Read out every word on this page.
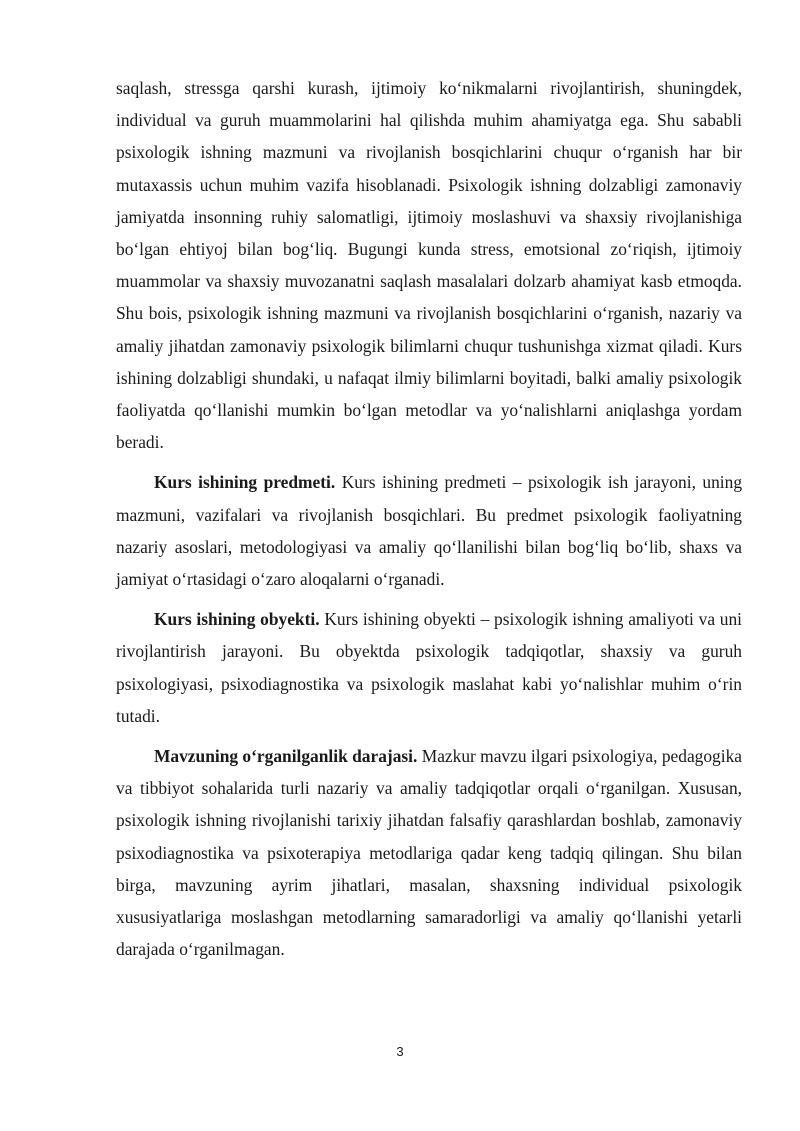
saqlash, stressga qarshi kurash, ijtimoiy ko‘nikmalarni rivojlantirish, shuningdek, individual va guruh muammolarini hal qilishda muhim ahamiyatga ega. Shu sababli psixologik ishning mazmuni va rivojlanish bosqichlarini chuqur o‘rganish har bir mutaxassis uchun muhim vazifa hisoblanadi. Psixologik ishning dolzabligi zamonaviy jamiyatda insonning ruhiy salomatligi, ijtimoiy moslashuvi va shaxsiy rivojlanishiga bo‘lgan ehtiyoj bilan bog‘liq. Bugungi kunda stress, emotsional zo‘riqish, ijtimoiy muammolar va shaxsiy muvozanatni saqlash masalalari dolzarb ahamiyat kasb etmoqda. Shu bois, psixologik ishning mazmuni va rivojlanish bosqichlarini o‘rganish, nazariy va amaliy jihatdan zamonaviy psixologik bilimlarni chuqur tushunishga xizmat qiladi. Kurs ishining dolzabligi shundaki, u nafaqat ilmiy bilimlarni boyitadi, balki amaliy psixologik faoliyatda qo‘llanishi mumkin bo‘lgan metodlar va yo‘nalishlarni aniqlashga yordam beradi.

Kurs ishining predmeti. Kurs ishining predmeti – psixologik ish jarayoni, uning mazmuni, vazifalari va rivojlanish bosqichlari. Bu predmet psixologik faoliyatning nazariy asoslari, metodologiyasi va amaliy qo‘llanilishi bilan bog‘liq bo‘lib, shaxs va jamiyat o‘rtasidagi o‘zaro aloqalarni o‘rganadi.

Kurs ishining obyekti. Kurs ishining obyekti – psixologik ishning amaliyoti va uni rivojlantirish jarayoni. Bu obyektda psixologik tadqiqotlar, shaxsiy va guruh psixologiyasi, psixodiagnostika va psixologik maslahat kabi yo‘nalishlar muhim o‘rin tutadi.

Mavzuning o‘rganilganlik darajasi. Mazkur mavzu ilgari psixologiya, pedagogika va tibbiyot sohalarida turli nazariy va amaliy tadqiqotlar orqali o‘rganilgan. Xususan, psixologik ishning rivojlanishi tarixiy jihatdan falsafiy qarashlardan boshlab, zamonaviy psixodiagnostika va psixoterapiya metodlariga qadar keng tadqiq qilingan. Shu bilan birga, mavzuning ayrim jihatlari, masalan, shaxsning individual psixologik xususiyatlariga moslashgan metodlarning samaradorligi va amaliy qo‘llanishi yetarli darajada o‘rganilmagan.

3
